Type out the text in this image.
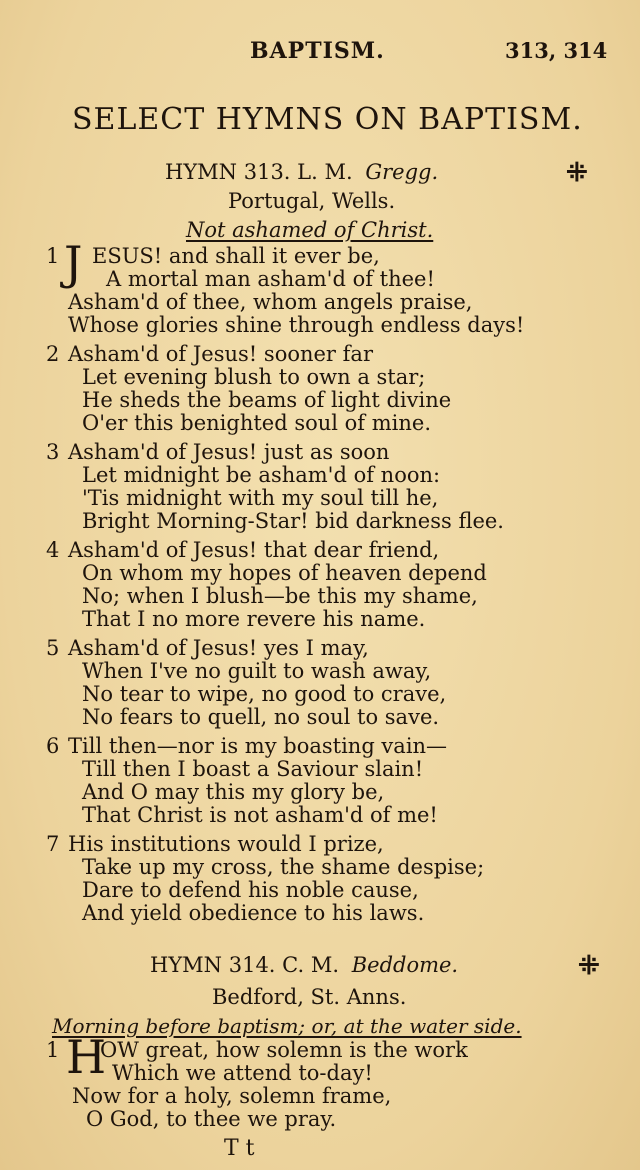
BAPTISM.	313, 314
SELECT HYMNS ON BAPTISM.
HYMN 313. L. M. Gregg.	⁜
Portugal, Wells.
Not ashamed of Christ.
1 J ESUS! and shall it ever be,
A mortal man asham'd of thee!
Asham'd of thee, whom angels praise,
Whose glories shine through endless days!
2 Asham'd of Jesus! sooner far
Let evening blush to own a star;
He sheds the beams of light divine
O'er this benighted soul of mine.
3 Asham'd of Jesus! just as soon
Let midnight be asham'd of noon:
'Tis midnight with my soul till he,
Bright Morning-Star! bid darkness flee.
4 Asham'd of Jesus! that dear friend,
On whom my hopes of heaven depend
No; when I blush—be this my shame,
That I no more revere his name.
5 Asham'd of Jesus! yes I may,
When I've no guilt to wash away,
No tear to wipe, no good to crave,
No fears to quell, no soul to save.
6 Till then—nor is my boasting vain—
Till then I boast a Saviour slain!
And O may this my glory be,
That Christ is not asham'd of me!
7 His institutions would I prize,
Take up my cross, the shame despise;
Dare to defend his noble cause,
And yield obedience to his laws.
HYMN 314. C. M. Beddome.	⁜
Bedford, St. Anns.
Morning before baptism; or, at the water side.
1 H
OW great, how solemn is the work
Which we attend to-day!
Now for a holy, solemn frame,
O God, to thee we pray.
T t
